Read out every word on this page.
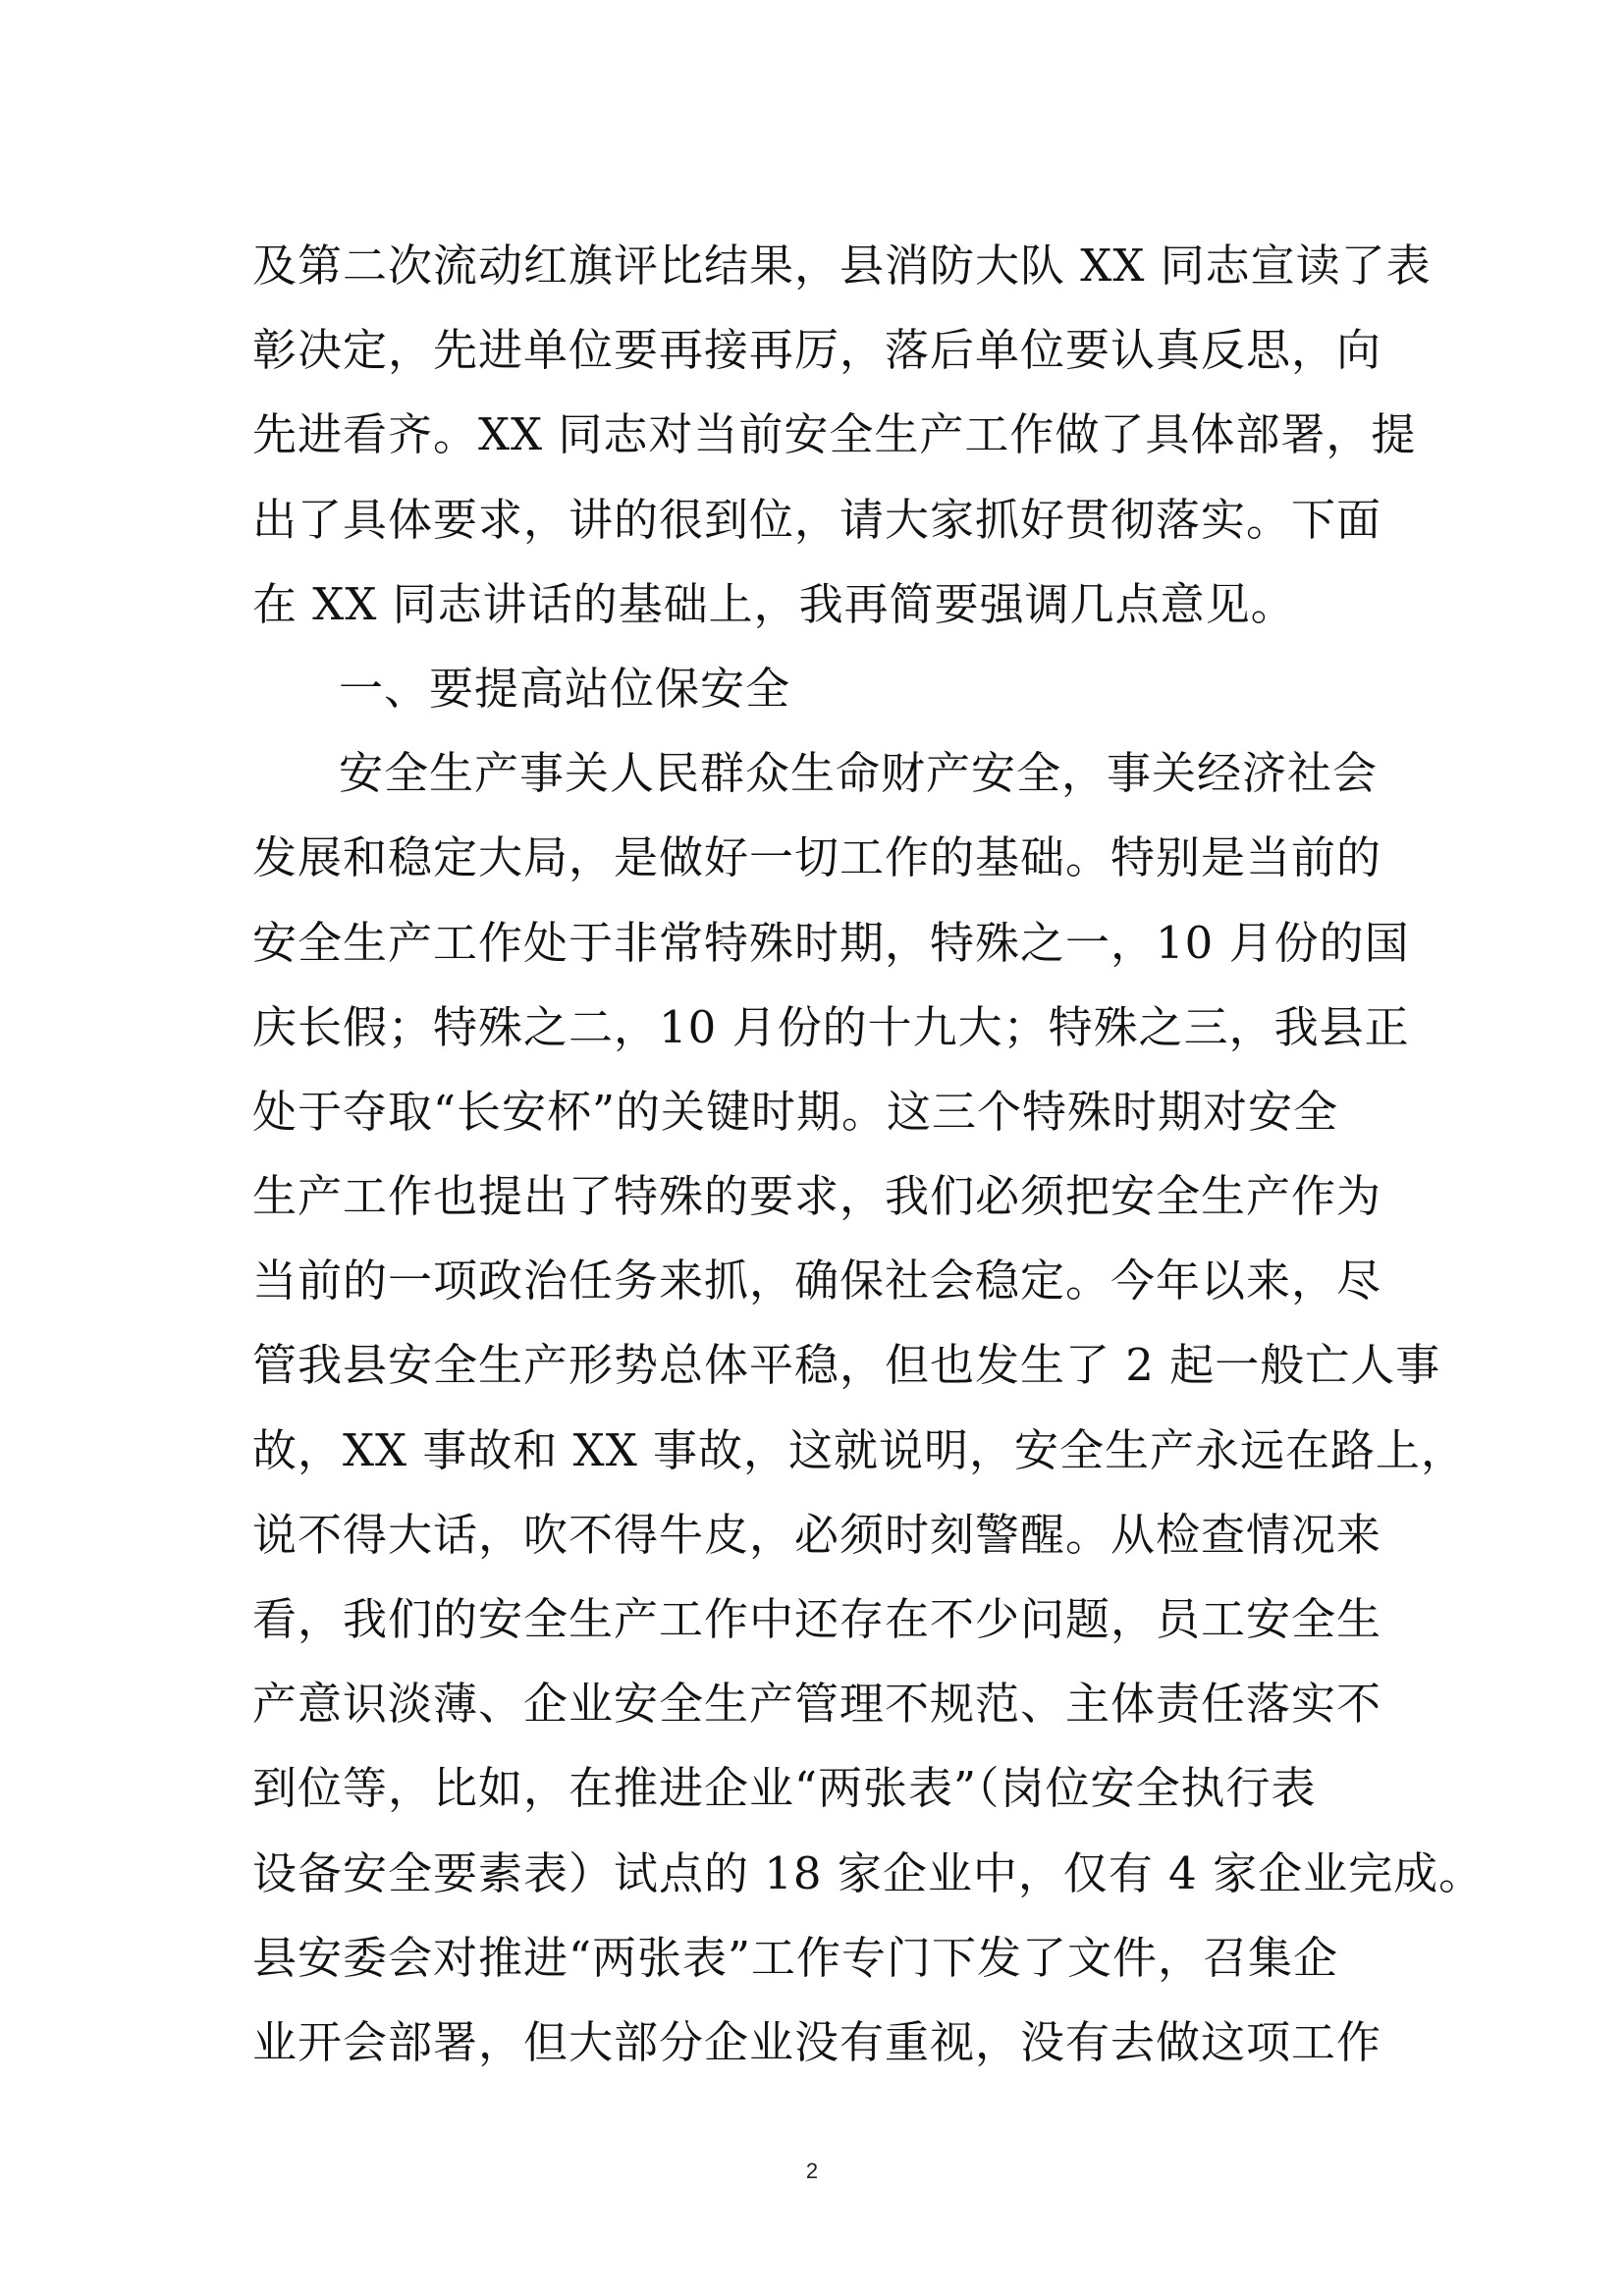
及第二次流动红旗评比结果，县消防大队 XX 同志宣读了表
彰决定，先进单位要再接再厉，落后单位要认真反思，向
先进看齐。XX 同志对当前安全生产工作做了具体部署，提
出了具体要求，讲的很到位，请大家抓好贯彻落实。下面
在 XX 同志讲话的基础上，我再简要强调几点意见。
一、要提高站位保安全
安全生产事关人民群众生命财产安全，事关经济社会
发展和稳定大局，是做好一切工作的基础。特别是当前的
安全生产工作处于非常特殊时期，特殊之一，10 月份的国
庆长假；特殊之二，10 月份的十九大；特殊之三，我县正
处于夺取“长安杯”的关键时期。这三个特殊时期对安全
生产工作也提出了特殊的要求，我们必须把安全生产作为
当前的一项政治任务来抓，确保社会稳定。今年以来，尽
管我县安全生产形势总体平稳，但也发生了 2 起一般亡人事
故，XX 事故和 XX 事故，这就说明，安全生产永远在路上，
说不得大话，吹不得牛皮，必须时刻警醒。从检查情况来
看，我们的安全生产工作中还存在不少问题，员工安全生
产意识淡薄、企业安全生产管理不规范、主体责任落实不
到位等，比如，在推进企业“两张表”（岗位安全执行表
设备安全要素表）试点的 18 家企业中，仅有 4 家企业完成。
县安委会对推进“两张表”工作专门下发了文件，召集企
业开会部署，但大部分企业没有重视，没有去做这项工作
2
